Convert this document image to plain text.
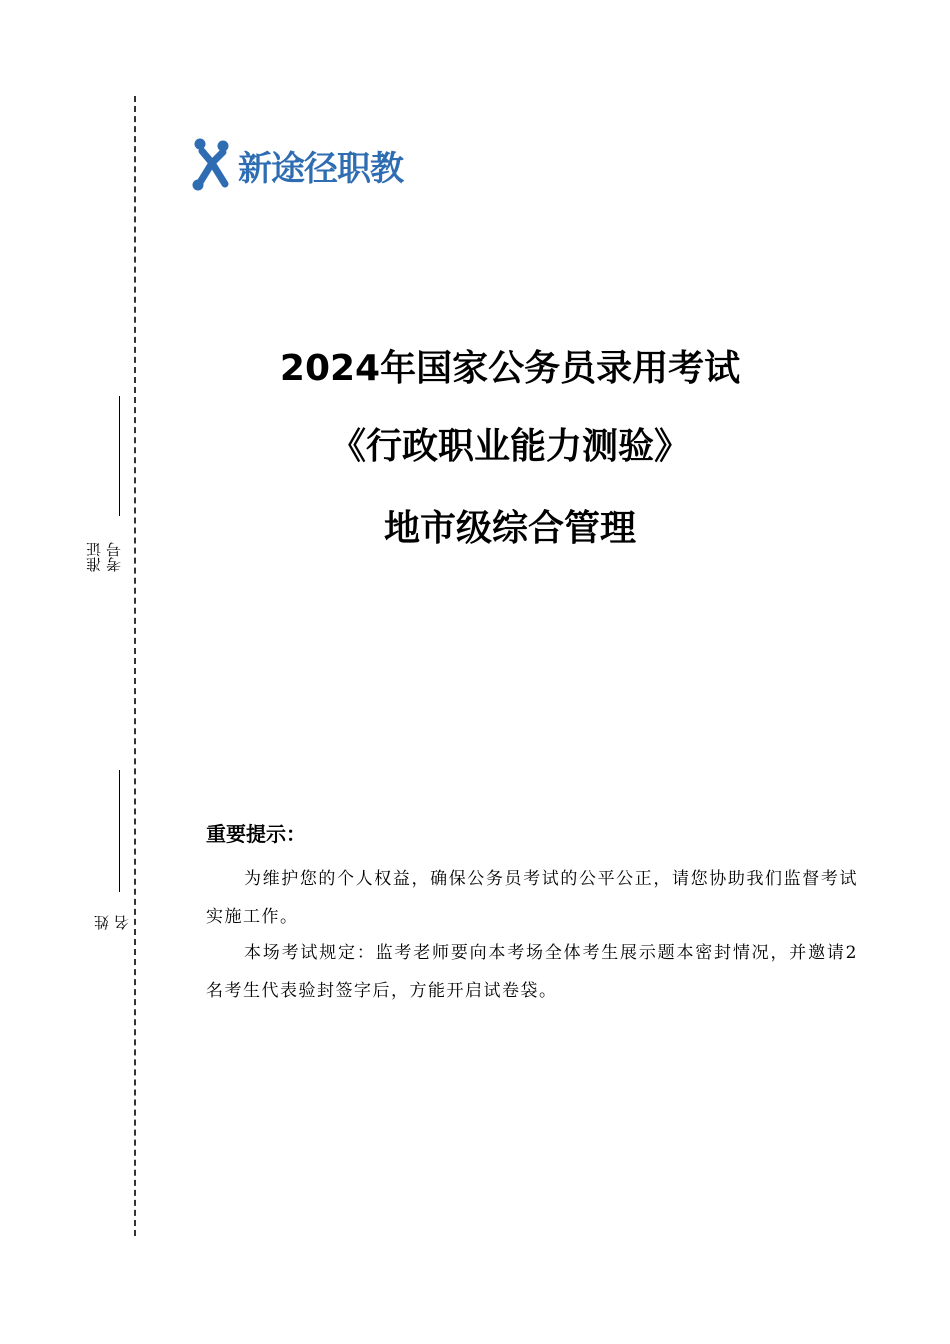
准证考号
姓名
新途径职教
2024年国家公务员录用考试
《行政职业能力测验》
地市级综合管理
重要提示：
为维护您的个人权益，确保公务员考试的公平公正，请您协助我们监督考试实施工作。
本场考试规定：监考老师要向本考场全体考生展示题本密封情况，并邀请2名考生代表验封签字后，方能开启试卷袋。
